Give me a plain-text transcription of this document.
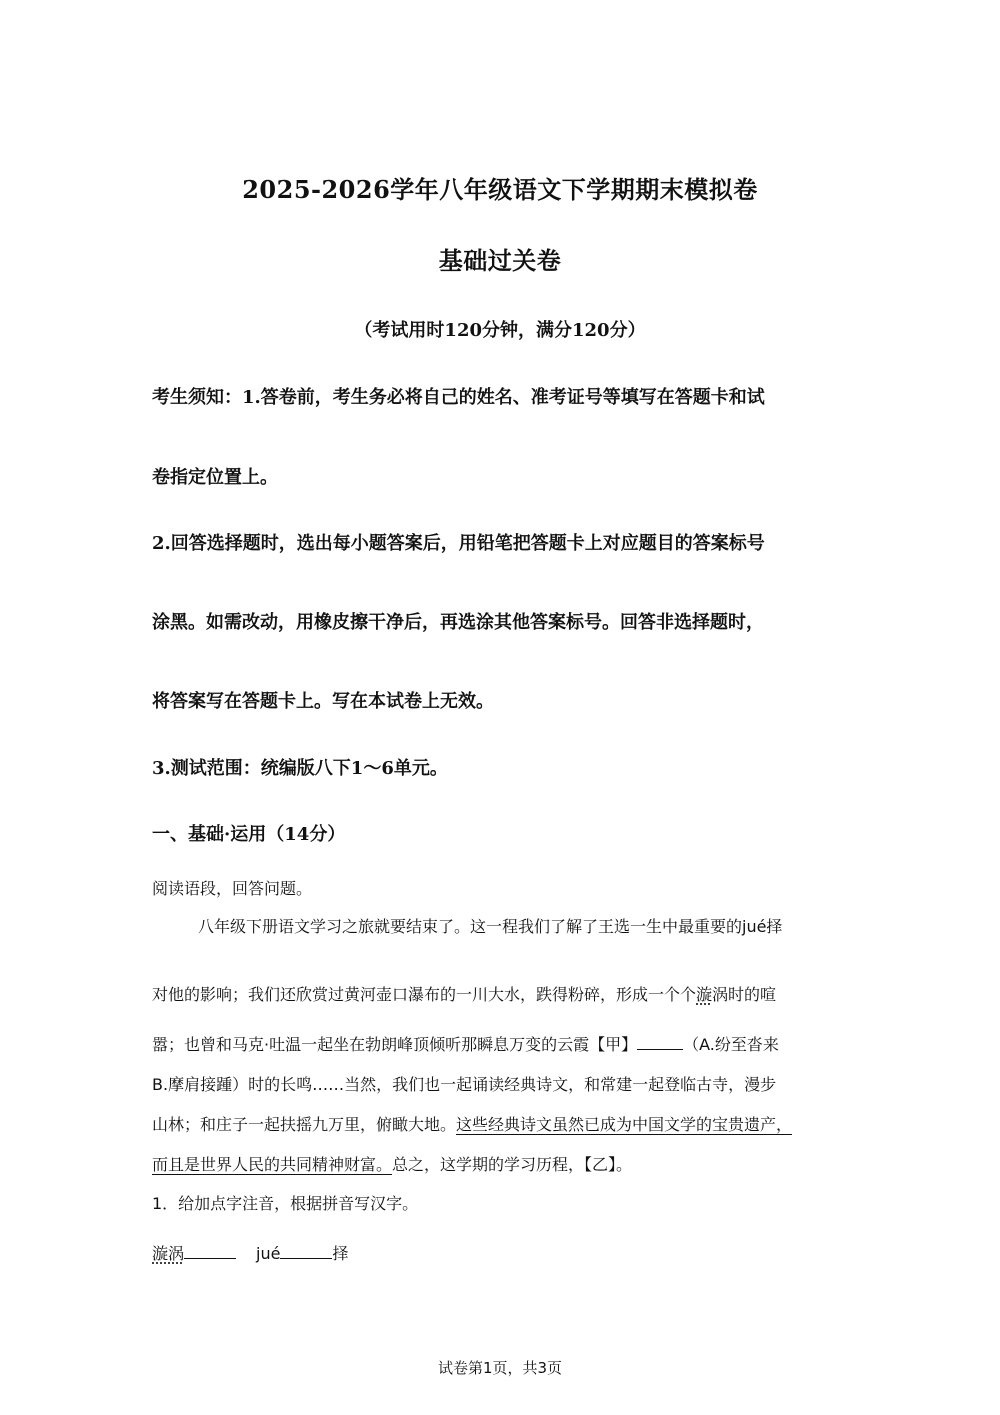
2025-2026学年八年级语文下学期期末模拟卷
基础过关卷
（考试用时120分钟，满分120分）
考生须知：1.答卷前，考生务必将自己的姓名、准考证号等填写在答题卡和试
卷指定位置上。
2.回答选择题时，选出每小题答案后，用铅笔把答题卡上对应题目的答案标号
涂黑。如需改动，用橡皮擦干净后，再选涂其他答案标号。回答非选择题时，
将答案写在答题卡上。写在本试卷上无效。
3.测试范围：统编版八下1～6单元。
一、基础·运用（14分）
阅读语段，回答问题。
八年级下册语文学习之旅就要结束了。这一程我们了解了王选一生中最重要的jué择
对他的影响；我们还欣赏过黄河壶口瀑布的一川大水，跌得粉碎，形成一个个漩涡时的喧
嚣；也曾和马克·吐温一起坐在勃朗峰顶倾听那瞬息万变的云霞【甲】	（A.纷至沓来
B.摩肩接踵）时的长鸣……当然，我们也一起诵读经典诗文，和常建一起登临古寺，漫步
山林；和庄子一起扶摇九万里，俯瞰大地。这些经典诗文虽然已成为中国文学的宝贵遗产，
而且是世界人民的共同精神财富。总之，这学期的学习历程，【乙】。
1．给加点字注音，根据拼音写汉字。
漩涡	jué	择
试卷第1页，共3页
